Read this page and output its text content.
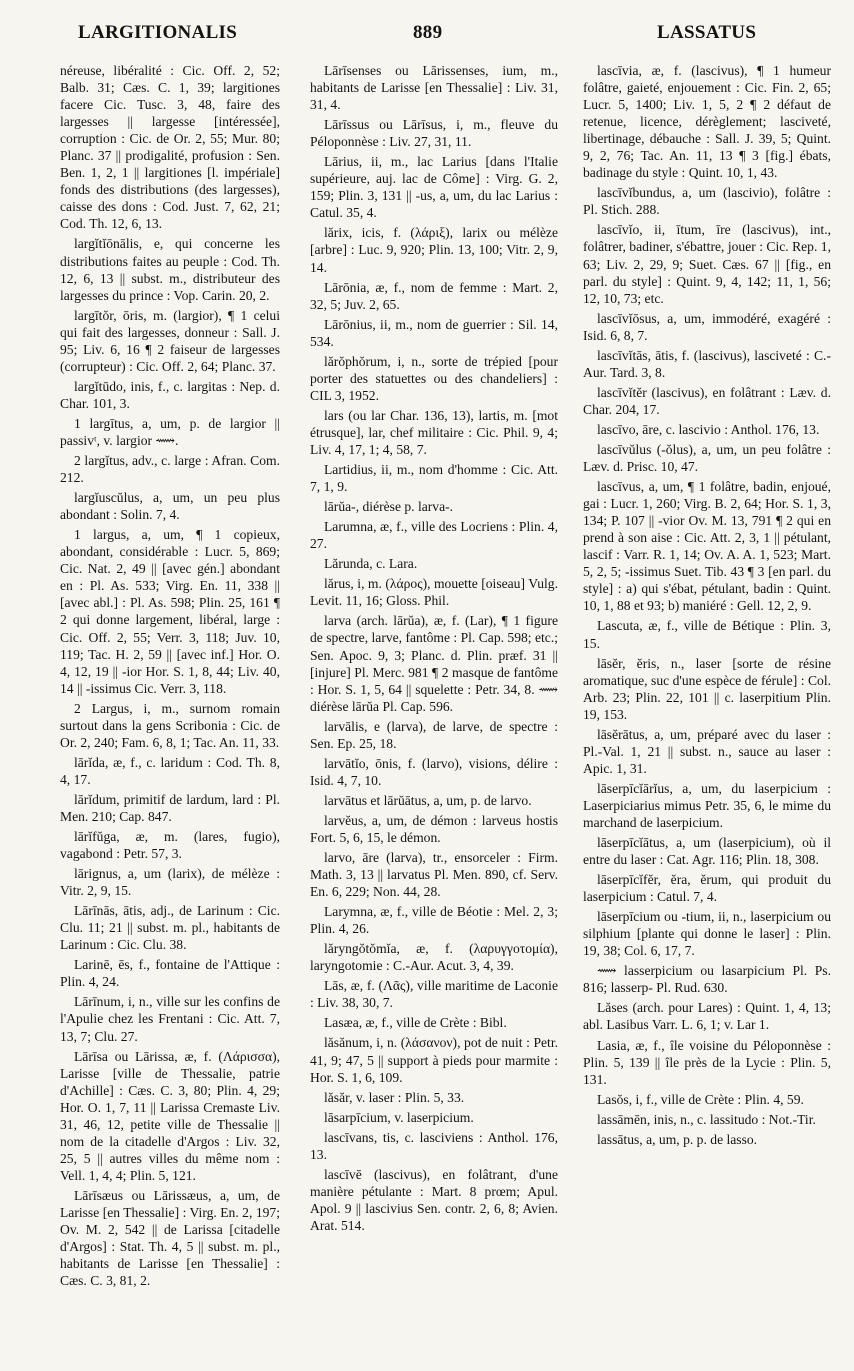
LARGITIONALIS	889	LASSATUS

néreuse, libéralité : Cic. Off. 2, 52; Balb. 31; Cæs. C. 1, 39; largitiones facere Cic. Tusc. 3, 48, faire des largesses || largesse [intéressée], corruption : Cic. de Or. 2, 55; Mur. 80; Planc. 37 || prodigalité, profusion : Sen. Ben. 1, 2, 1 || largitiones [l. impériale] fonds des distributions (des largesses), caisse des dons : Cod. Just. 7, 62, 21; Cod. Th. 12, 6, 13.

largĭtĭōnālis, e, qui concerne les distributions faites au peuple : Cod. Th. 12, 6, 13 || subst. m., distributeur des largesses du prince : Vop. Carin. 20, 2.

largītŏr, ōris, m. (largior), ¶ 1 celui qui fait des largesses, donneur : Sall. J. 95; Liv. 6, 16 ¶ 2 faiseur de largesses (corrupteur) : Cic. Off. 2, 64; Planc. 37.

largĭtūdo, inis, f., c. largitas : Nep. d. Char. 101, 3.

1 largītus, a, um, p. de largior || passivᵗ, v. largior ⟿.

2 largĭtus, adv., c. large : Afran. Com. 212.

largĭuscŭlus, a, um, un peu plus abondant : Solin. 7, 4.

1 largus, a, um, ¶ 1 copieux, abondant, considérable : Lucr. 5, 869; Cic. Nat. 2, 49 || [avec gén.] abondant en : Pl. As. 533; Virg. En. 11, 338 || [avec abl.] : Pl. As. 598; Plin. 25, 161 ¶ 2 qui donne largement, libéral, large : Cic. Off. 2, 55; Verr. 3, 118; Juv. 10, 119; Tac. H. 2, 59 || [avec inf.] Hor. O. 4, 12, 19 || -ior Hor. S. 1, 8, 44; Liv. 40, 14 || -issimus Cic. Verr. 3, 118.

2 Largus, i, m., surnom romain surtout dans la gens Scribonia : Cic. de Or. 2, 240; Fam. 6, 8, 1; Tac. An. 11, 33.

lārĭda, æ, f., c. laridum : Cod. Th. 8, 4, 17.

lārĭdum, primitif de lardum, lard : Pl. Men. 210; Cap. 847.

lārĭfŭga, æ, m. (lares, fugio), vagabond : Petr. 57, 3.

lārignus, a, um (larix), de mélèze : Vitr. 2, 9, 15.

Lārīnās, ātis, adj., de Larinum : Cic. Clu. 11; 21 || subst. m. pl., habitants de Larinum : Cic. Clu. 38.

Larinē, ēs, f., fontaine de l'Attique : Plin. 4, 24.

Lārīnum, i, n., ville sur les confins de l'Apulie chez les Frentani : Cic. Att. 7, 13, 7; Clu. 27.

Lārīsa ou Lārissa, æ, f. (Λάρισσα), Larisse [ville de Thessalie, patrie d'Achille] : Cæs. C. 3, 80; Plin. 4, 29; Hor. O. 1, 7, 11 || Larissa Cremaste Liv. 31, 46, 12, petite ville de Thessalie || nom de la citadelle d'Argos : Liv. 32, 25, 5 || autres villes du même nom : Vell. 1, 4, 4; Plin. 5, 121.

Lārīsæus ou Lārissæus, a, um, de Larisse [en Thessalie] : Virg. En. 2, 197; Ov. M. 2, 542 || de Larissa [citadelle d'Argos] : Stat. Th. 4, 5 || subst. m. pl., habitants de Larisse [en Thessalie] : Cæs. C. 3, 81, 2.

Lārīsenses ou Lārissenses, ium, m., habitants de Larisse [en Thessalie] : Liv. 31, 31, 4.

Lārīssus ou Lārīsus, i, m., fleuve du Péloponnèse : Liv. 27, 31, 11.

Lārius, ii, m., lac Larius [dans l'Italie supérieure, auj. lac de Côme] : Virg. G. 2, 159; Plin. 3, 131 || -us, a, um, du lac Larius : Catul. 35, 4.

lărix, icis, f. (λάριξ), larix ou mélèze [arbre] : Luc. 9, 920; Plin. 13, 100; Vitr. 2, 9, 14.

Lārōnia, æ, f., nom de femme : Mart. 2, 32, 5; Juv. 2, 65.

Lārōnius, ii, m., nom de guerrier : Sil. 14, 534.

lărŏphŏrum, i, n., sorte de trépied [pour porter des statuettes ou des chandeliers] : CIL 3, 1952.

lars (ou lar Char. 136, 13), lartis, m. [mot étrusque], lar, chef militaire : Cic. Phil. 9, 4; Liv. 4, 17, 1; 4, 58, 7.

Lartidius, ii, m., nom d'homme : Cic. Att. 7, 1, 9.

lārŭa-, diérèse p. larva-.

Larumna, æ, f., ville des Locriens : Plin. 4, 27.

Lărunda, c. Lara.

lărus, i, m. (λάρος), mouette [oiseau] Vulg. Levit. 11, 16; Gloss. Phil.

larva (arch. lārŭa), æ, f. (Lar), ¶ 1 figure de spectre, larve, fantôme : Pl. Cap. 598; etc.; Sen. Apoc. 9, 3; Planc. d. Plin. præf. 31 || [injure] Pl. Merc. 981 ¶ 2 masque de fantôme : Hor. S. 1, 5, 64 || squelette : Petr. 34, 8. ⟿ diérèse lārŭa Pl. Cap. 596.

larvālis, e (larva), de larve, de spectre : Sen. Ep. 25, 18.

larvātĭo, ōnis, f. (larvo), visions, délire : Isid. 4, 7, 10.

larvātus et lārŭātus, a, um, p. de larvo.

larvĕus, a, um, de démon : larveus hostis Fort. 5, 6, 15, le démon.

larvo, āre (larva), tr., ensorceler : Firm. Math. 3, 13 || larvatus Pl. Men. 890, cf. Serv. En. 6, 229; Non. 44, 28.

Larymna, æ, f., ville de Béotie : Mel. 2, 3; Plin. 4, 26.

lăryngŏtŏmĭa, æ, f. (λαρυγγοτομία), laryngotomie : C.-Aur. Acut. 3, 4, 39.

Lās, æ, f. (Λᾶς), ville maritime de Laconie : Liv. 38, 30, 7.

Lasæa, æ, f., ville de Crète : Bibl.

lăsănum, i, n. (λάσανον), pot de nuit : Petr. 41, 9; 47, 5 || support à pieds pour marmite : Hor. S. 1, 6, 109.

lăsăr, v. laser : Plin. 5, 33.

lāsarpīcium, v. laserpicium.

lascīvans, tis, c. lasciviens : Anthol. 176, 13.

lascīvē (lascivus), en folâtrant, d'une manière pétulante : Mart. 8 prœm; Apul. Apol. 9 || lascivius Sen. contr. 2, 6, 8; Avien. Arat. 514.

lascīvia, æ, f. (lascivus), ¶ 1 humeur folâtre, gaieté, enjouement : Cic. Fin. 2, 65; Lucr. 5, 1400; Liv. 1, 5, 2 ¶ 2 défaut de retenue, licence, dérèglement; lasciveté, libertinage, débauche : Sall. J. 39, 5; Quint. 9, 2, 76; Tac. An. 11, 13 ¶ 3 [fig.] ébats, badinage du style : Quint. 10, 1, 43.

lascīvĭbundus, a, um (lascivio), folâtre : Pl. Stich. 288.

lascīvĭo, ii, ītum, īre (lascivus), int., folâtrer, badiner, s'ébattre, jouer : Cic. Rep. 1, 63; Liv. 2, 29, 9; Suet. Cæs. 67 || [fig., en parl. du style] : Quint. 9, 4, 142; 11, 1, 56; 12, 10, 73; etc.

lascīvĭōsus, a, um, immodéré, exagéré : Isid. 6, 8, 7.

lascīvĭtās, ātis, f. (lascivus), lasciveté : C.-Aur. Tard. 3, 8.

lascīvĭtĕr (lascivus), en folâtrant : Læv. d. Char. 204, 17.

lascīvo, āre, c. lascivio : Anthol. 176, 13.

lascīvŭlus (-ŏlus), a, um, un peu folâtre : Læv. d. Prisc. 10, 47.

lascīvus, a, um, ¶ 1 folâtre, badin, enjoué, gai : Lucr. 1, 260; Virg. B. 2, 64; Hor. S. 1, 3, 134; P. 107 || -vior Ov. M. 13, 791 ¶ 2 qui en prend à son aise : Cic. Att. 2, 3, 1 || pétulant, lascif : Varr. R. 1, 14; Ov. A. A. 1, 523; Mart. 5, 2, 5; -issimus Suet. Tib. 43 ¶ 3 [en parl. du style] : a) qui s'ébat, pétulant, badin : Quint. 10, 1, 88 et 93; b) maniéré : Gell. 12, 2, 9.

Lascuta, æ, f., ville de Bétique : Plin. 3, 15.

lāsĕr, ĕris, n., laser [sorte de résine aromatique, suc d'une espèce de férule] : Col. Arb. 23; Plin. 22, 101 || c. laserpitium Plin. 19, 153.

lāsĕrātus, a, um, préparé avec du laser : Pl.-Val. 1, 21 || subst. n., sauce au laser : Apic. 1, 31.

lāserpīcĭārĭus, a, um, du laserpicium : Laserpiciarius mimus Petr. 35, 6, le mime du marchand de laserpicium.

lāserpīcĭātus, a, um (laserpicium), où il entre du laser : Cat. Agr. 116; Plin. 18, 308.

lāserpīcĭfĕr, ĕra, ĕrum, qui produit du laserpicium : Catul. 7, 4.

lāserpīcium ou -tium, ii, n., laserpicium ou silphium [plante qui donne le laser] : Plin. 19, 38; Col. 6, 17, 7.

⟿ lasserpicium ou lasarpicium Pl. Ps. 816; lasserp- Pl. Rud. 630.

Lăses (arch. pour Lares) : Quint. 1, 4, 13; abl. Lasibus Varr. L. 6, 1; v. Lar 1.

Lasia, æ, f., île voisine du Péloponnèse : Plin. 5, 139 || île près de la Lycie : Plin. 5, 131.

Lasŏs, i, f., ville de Crète : Plin. 4, 59.

lassāmēn, inis, n., c. lassitudo : Not.-Tir.

lassātus, a, um, p. p. de lasso.
